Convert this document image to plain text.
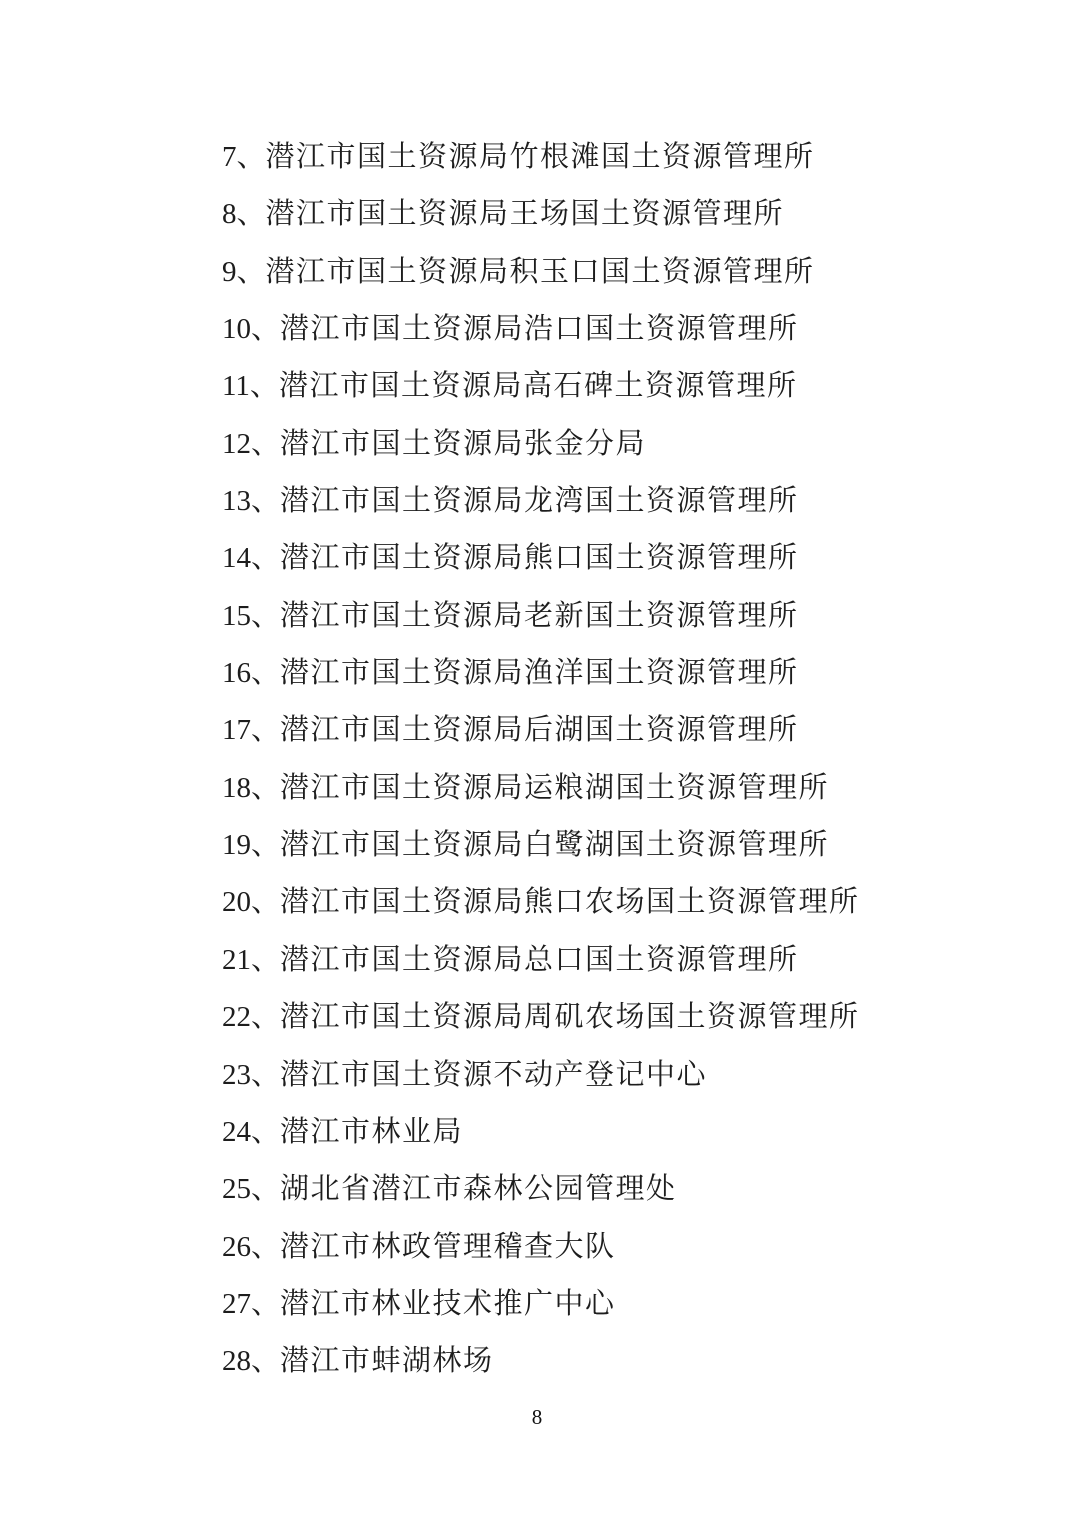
7、潜江市国土资源局竹根滩国土资源管理所
8、潜江市国土资源局王场国土资源管理所
9、潜江市国土资源局积玉口国土资源管理所
10、潜江市国土资源局浩口国土资源管理所
11、潜江市国土资源局高石碑土资源管理所
12、潜江市国土资源局张金分局
13、潜江市国土资源局龙湾国土资源管理所
14、潜江市国土资源局熊口国土资源管理所
15、潜江市国土资源局老新国土资源管理所
16、潜江市国土资源局渔洋国土资源管理所
17、潜江市国土资源局后湖国土资源管理所
18、潜江市国土资源局运粮湖国土资源管理所
19、潜江市国土资源局白鹭湖国土资源管理所
20、潜江市国土资源局熊口农场国土资源管理所
21、潜江市国土资源局总口国土资源管理所
22、潜江市国土资源局周矶农场国土资源管理所
23、潜江市国土资源不动产登记中心
24、潜江市林业局
25、湖北省潜江市森林公园管理处
26、潜江市林政管理稽查大队
27、潜江市林业技术推广中心
28、潜江市蚌湖林场
8
